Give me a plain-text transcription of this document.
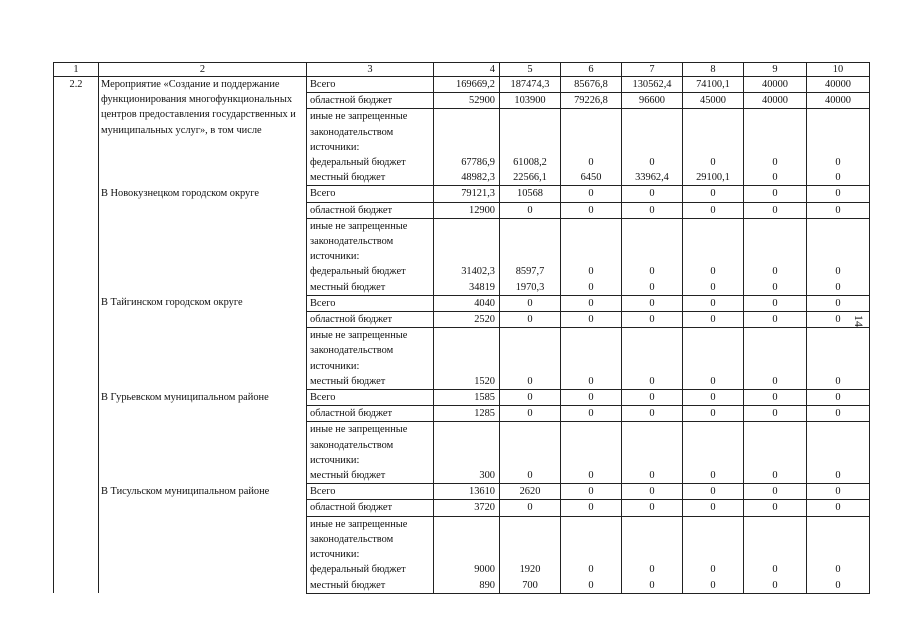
1	2	3	4	5	6	7	8	9	10
2.2	Мероприятие «Создание и поддержание функционирования многофункциональных центров предоставления государственных и муниципальных услуг», в том числе	Всего	169669,2	187474,3	85676,8	130562,4	74100,1	40000	40000
		областной бюджет	52900	103900	79226,8	96600	45000	40000	40000
		иные не запрещенные законодательством источники:							
		федеральный бюджет	67786,9	61008,2	0	0	0	0	0
		местный бюджет	48982,3	22566,1	6450	33962,4	29100,1	0	0
	В Новокузнецком городском округе	Всего	79121,3	10568	0	0	0	0	0
		областной бюджет	12900	0	0	0	0	0	0
		иные не запрещенные законодательством источники:							
		федеральный бюджет	31402,3	8597,7	0	0	0	0	0
		местный бюджет	34819	1970,3	0	0	0	0	0
	В Тайгинском городском округе	Всего	4040	0	0	0	0	0	0
		областной бюджет	2520	0	0	0	0	0	0
		иные не запрещенные законодательством источники:							
		местный бюджет	1520	0	0	0	0	0	0
	В Гурьевском муниципальном районе	Всего	1585	0	0	0	0	0	0
		областной бюджет	1285	0	0	0	0	0	0
		иные не запрещенные законодательством источники:							
		местный бюджет	300	0	0	0	0	0	0
	В Тисульском муниципальном районе	Всего	13610	2620	0	0	0	0	0
		областной бюджет	3720	0	0	0	0	0	0
		иные не запрещенные законодательством источники:							
		федеральный бюджет	9000	1920	0	0	0	0	0
		местный бюджет	890	700	0	0	0	0	0
14
